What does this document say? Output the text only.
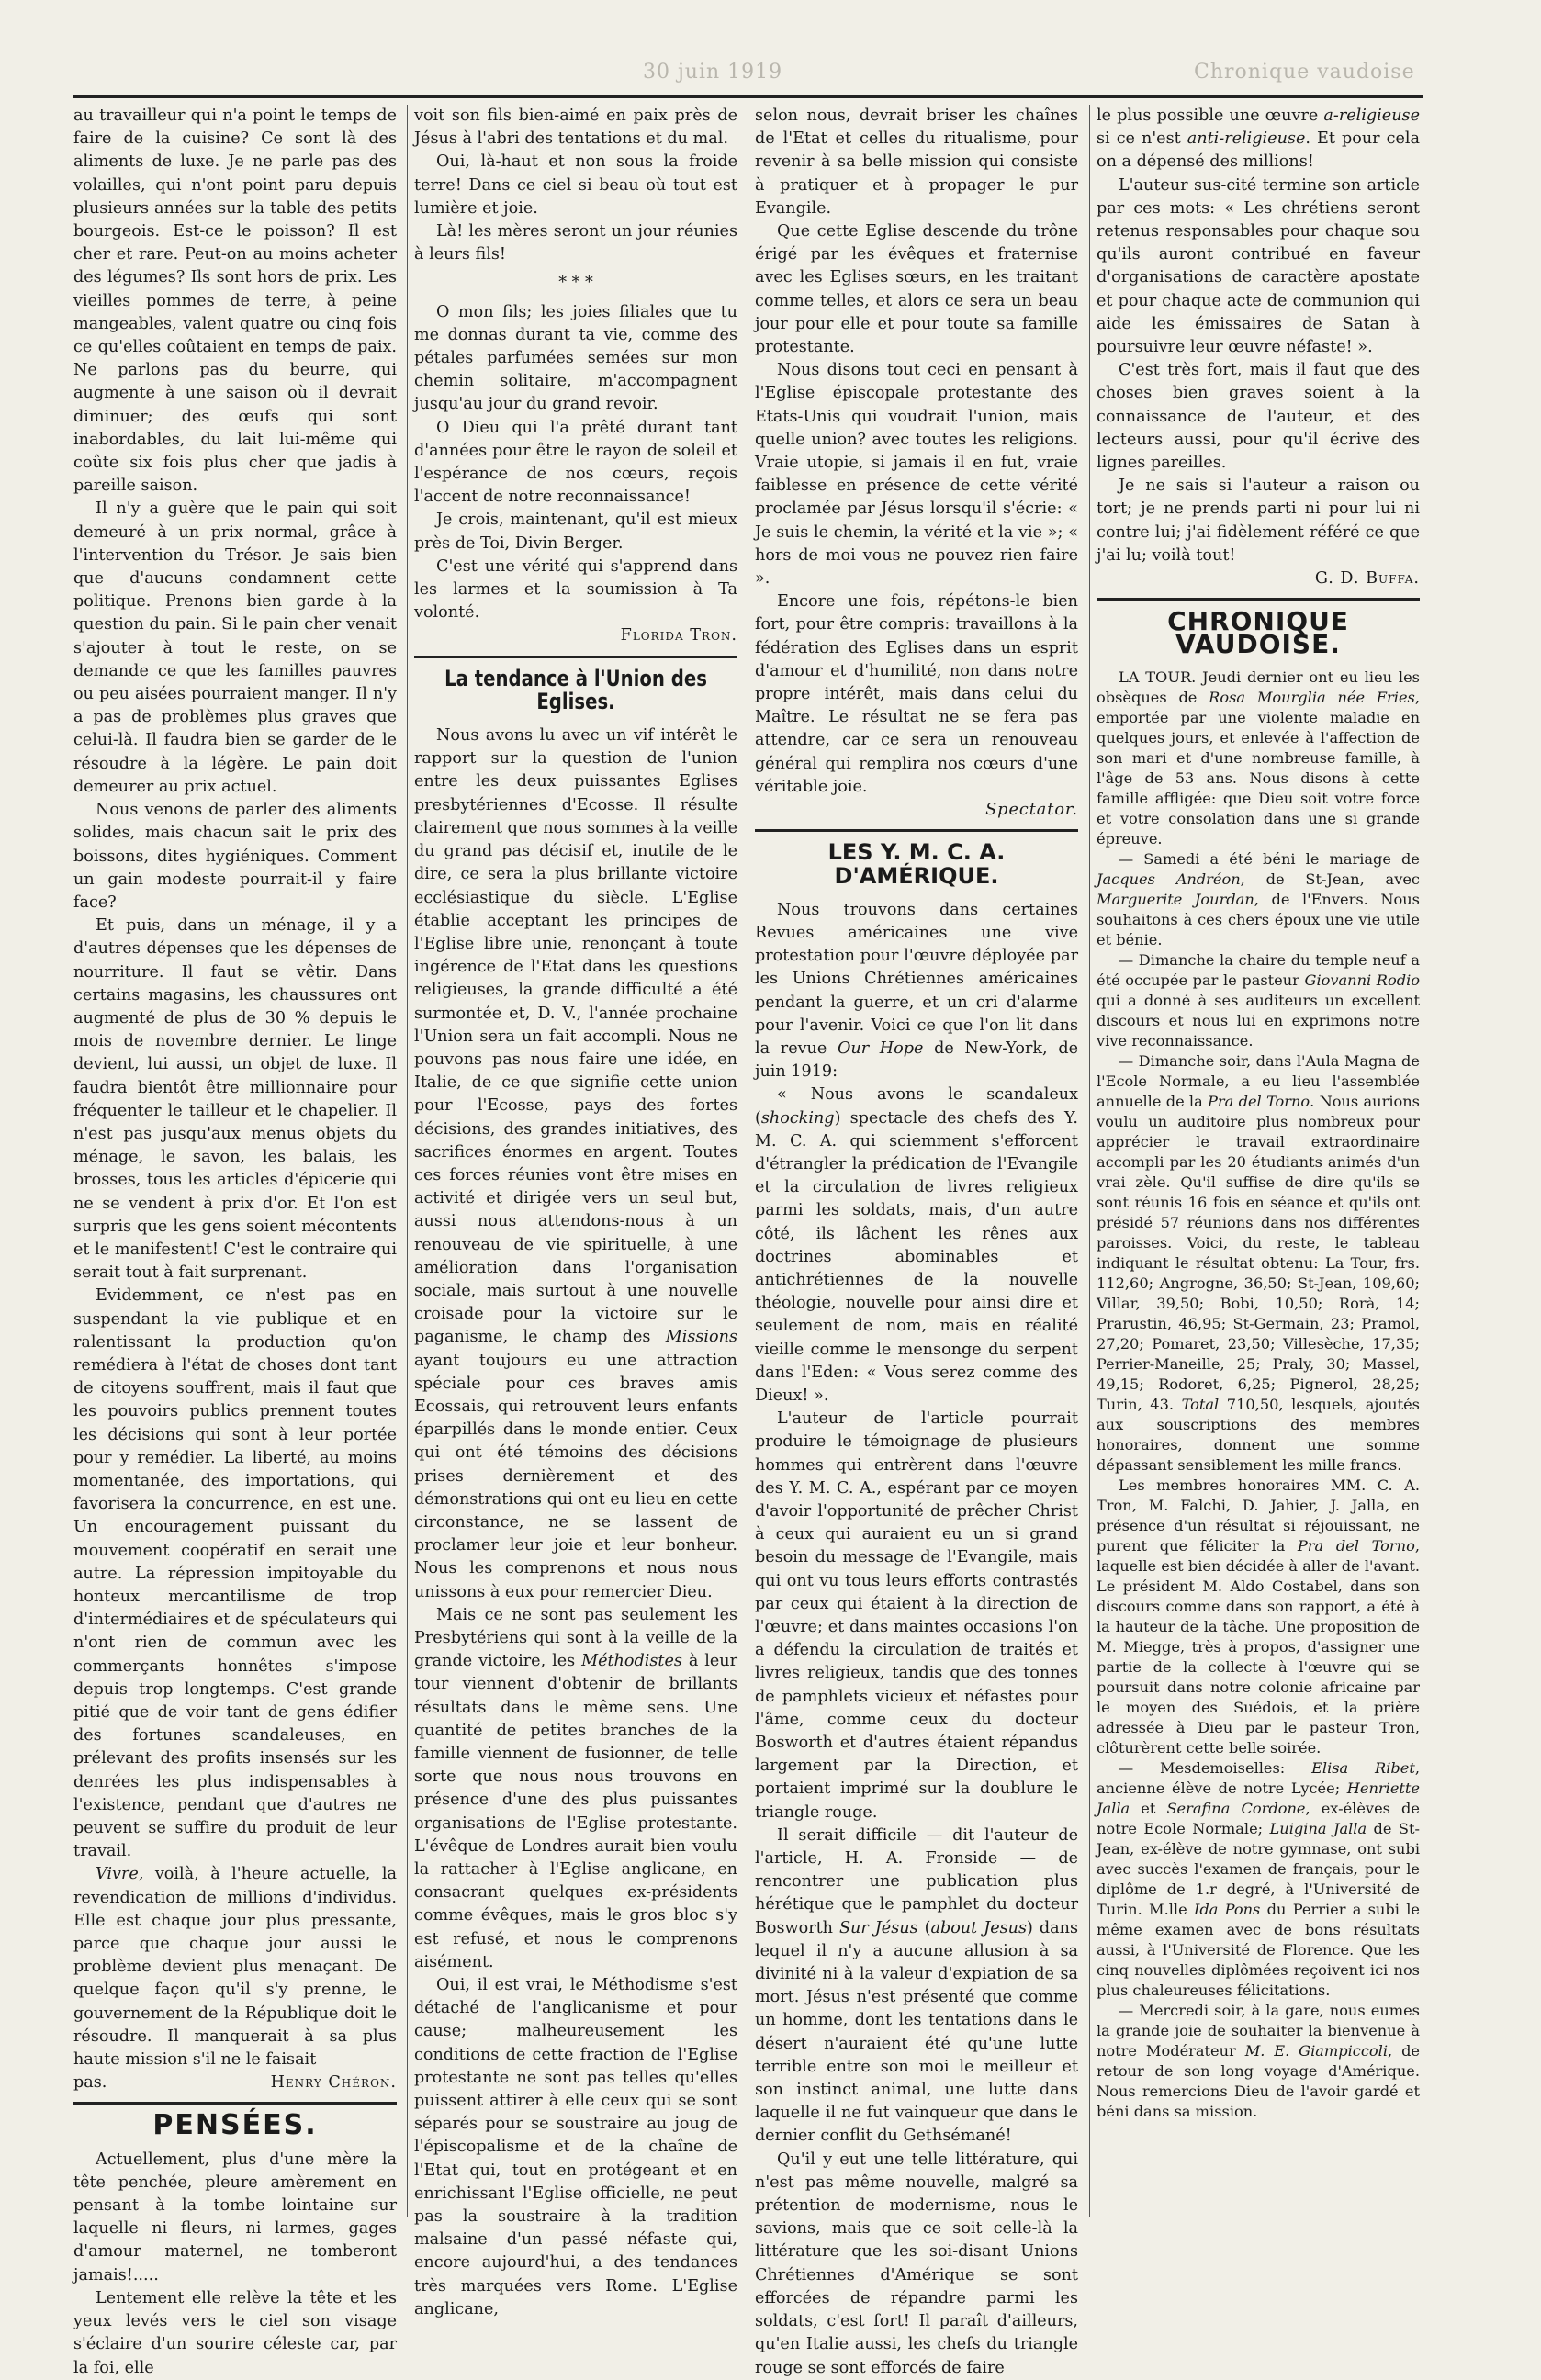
30 juin 1919	Chronique vaudoise

au travailleur qui n'a point le temps de faire de la cuisine? Ce sont là des aliments de luxe. Je ne parle pas des volailles, qui n'ont point paru depuis plusieurs années sur la table des petits bourgeois. Est-ce le poisson? Il est cher et rare. Peut-on au moins acheter des légumes? Ils sont hors de prix. Les vieilles pommes de terre, à peine mangeables, valent quatre ou cinq fois ce qu'elles coûtaient en temps de paix. Ne parlons pas du beurre, qui augmente à une saison où il devrait diminuer; des œufs qui sont inabordables, du lait lui-même qui coûte six fois plus cher que jadis à pareille saison.

Il n'y a guère que le pain qui soit demeuré à un prix normal, grâce à l'intervention du Trésor. Je sais bien que d'aucuns condamnent cette politique. Prenons bien garde à la question du pain. Si le pain cher venait s'ajouter à tout le reste, on se demande ce que les familles pauvres ou peu aisées pourraient manger. Il n'y a pas de problèmes plus graves que celui-là. Il faudra bien se garder de le résoudre à la légère. Le pain doit demeurer au prix actuel.

Nous venons de parler des aliments solides, mais chacun sait le prix des boissons, dites hygiéniques. Comment un gain modeste pourrait-il y faire face?

Et puis, dans un ménage, il y a d'autres dépenses que les dépenses de nourriture. Il faut se vêtir. Dans certains magasins, les chaussures ont augmenté de plus de 30 % depuis le mois de novembre dernier. Le linge devient, lui aussi, un objet de luxe. Il faudra bientôt être millionnaire pour fréquenter le tailleur et le chapelier. Il n'est pas jusqu'aux menus objets du ménage, le savon, les balais, les brosses, tous les articles d'épicerie qui ne se vendent à prix d'or. Et l'on est surpris que les gens soient mécontents et le manifestent! C'est le contraire qui serait tout à fait surprenant.

Evidemment, ce n'est pas en suspendant la vie publique et en ralentissant la production qu'on remédiera à l'état de choses dont tant de citoyens souffrent, mais il faut que les pouvoirs publics prennent toutes les décisions qui sont à leur portée pour y remédier. La liberté, au moins momentanée, des importations, qui favorisera la concurrence, en est une. Un encouragement puissant du mouvement coopératif en serait une autre. La répression impitoyable du honteux mercantilisme de trop d'intermédiaires et de spéculateurs qui n'ont rien de commun avec les commerçants honnêtes s'impose depuis trop longtemps. C'est grande pitié que de voir tant de gens édifier des fortunes scandaleuses, en prélevant des profits insensés sur les denrées les plus indispensables à l'existence, pendant que d'autres ne peuvent se suffire du produit de leur travail.

Vivre, voilà, à l'heure actuelle, la revendication de millions d'individus. Elle est chaque jour plus pressante, parce que chaque jour aussi le problème devient plus menaçant. De quelque façon qu'il s'y prenne, le gouvernement de la République doit le résoudre. Il manquerait à sa plus haute mission s'il ne le faisait

pas.	Henry Chéron.
PENSÉES.

Actuellement, plus d'une mère la tête penchée, pleure amèrement en pensant à la tombe lointaine sur laquelle ni fleurs, ni larmes, gages d'amour maternel, ne tomberont jamais!.....

Lentement elle relève la tête et les yeux levés vers le ciel son visage s'éclaire d'un sourire céleste car, par la foi, elle

voit son fils bien-aimé en paix près de Jésus à l'abri des tentations et du mal.

Oui, là-haut et non sous la froide terre! Dans ce ciel si beau où tout est lumière et joie.

Là! les mères seront un jour réunies à leurs fils!

* * *

O mon fils; les joies filiales que tu me donnas durant ta vie, comme des pétales parfumées semées sur mon chemin solitaire, m'accompagnent jusqu'au jour du grand revoir.

O Dieu qui l'a prêté durant tant d'années pour être le rayon de soleil et l'espérance de nos cœurs, reçois l'accent de notre reconnaissance!

Je crois, maintenant, qu'il est mieux près de Toi, Divin Berger.

C'est une vérité qui s'apprend dans les larmes et la soumission à Ta volonté.

Florida Tron.

La tendance à l'Union des Eglises.

Nous avons lu avec un vif intérêt le rapport sur la question de l'union entre les deux puissantes Eglises presbytériennes d'Ecosse. Il résulte clairement que nous sommes à la veille du grand pas décisif et, inutile de le dire, ce sera la plus brillante victoire ecclésiastique du siècle. L'Eglise établie acceptant les principes de l'Eglise libre unie, renonçant à toute ingérence de l'Etat dans les questions religieuses, la grande difficulté a été surmontée et, D. V., l'année prochaine l'Union sera un fait accompli. Nous ne pouvons pas nous faire une idée, en Italie, de ce que signifie cette union pour l'Ecosse, pays des fortes décisions, des grandes initiatives, des sacrifices énormes en argent. Toutes ces forces réunies vont être mises en activité et dirigée vers un seul but, aussi nous attendons-nous à un renouveau de vie spirituelle, à une amélioration dans l'organisation sociale, mais surtout à une nouvelle croisade pour la victoire sur le paganisme, le champ des Missions ayant toujours eu une attraction spéciale pour ces braves amis Ecossais, qui retrouvent leurs enfants éparpillés dans le monde entier. Ceux qui ont été témoins des décisions prises dernièrement et des démonstrations qui ont eu lieu en cette circonstance, ne se lassent de proclamer leur joie et leur bonheur. Nous les comprenons et nous nous unissons à eux pour remercier Dieu.

Mais ce ne sont pas seulement les Presbytériens qui sont à la veille de la grande victoire, les Méthodistes à leur tour viennent d'obtenir de brillants résultats dans le même sens. Une quantité de petites branches de la famille viennent de fusionner, de telle sorte que nous nous trouvons en présence d'une des plus puissantes organisations de l'Eglise protestante. L'évêque de Londres aurait bien voulu la rattacher à l'Eglise anglicane, en consacrant quelques ex-présidents comme évêques, mais le gros bloc s'y est refusé, et nous le comprenons aisément.

Oui, il est vrai, le Méthodisme s'est détaché de l'anglicanisme et pour cause; malheureusement les conditions de cette fraction de l'Eglise protestante ne sont pas telles qu'elles puissent attirer à elle ceux qui se sont séparés pour se soustraire au joug de l'épiscopalisme et de la chaîne de l'Etat qui, tout en protégeant et en enrichissant l'Eglise officielle, ne peut pas la soustraire à la tradition malsaine d'un passé néfaste qui, encore aujourd'hui, a des tendances très marquées vers Rome. L'Eglise anglicane,

selon nous, devrait briser les chaînes de l'Etat et celles du ritualisme, pour revenir à sa belle mission qui consiste à pratiquer et à propager le pur Evangile.

Que cette Eglise descende du trône érigé par les évêques et fraternise avec les Eglises sœurs, en les traitant comme telles, et alors ce sera un beau jour pour elle et pour toute sa famille protestante.

Nous disons tout ceci en pensant à l'Eglise épiscopale protestante des Etats-Unis qui voudrait l'union, mais quelle union? avec toutes les religions. Vraie utopie, si jamais il en fut, vraie faiblesse en présence de cette vérité proclamée par Jésus lorsqu'il s'écrie: « Je suis le chemin, la vérité et la vie »; « hors de moi vous ne pouvez rien faire ».

Encore une fois, répétons-le bien fort, pour être compris: travaillons à la fédération des Eglises dans un esprit d'amour et d'humilité, non dans notre propre intérêt, mais dans celui du Maître. Le résultat ne se fera pas attendre, car ce sera un renouveau général qui remplira nos cœurs d'une véritable joie.

Spectator.

LES Y. M. C. A. D'AMÉRIQUE.

Nous trouvons dans certaines Revues américaines une vive protestation pour l'œuvre déployée par les Unions Chrétiennes américaines pendant la guerre, et un cri d'alarme pour l'avenir. Voici ce que l'on lit dans la revue Our Hope de New-York, de juin 1919:

« Nous avons le scandaleux (shocking) spectacle des chefs des Y. M. C. A. qui sciemment s'efforcent d'étrangler la prédication de l'Evangile et la circulation de livres religieux parmi les soldats, mais, d'un autre côté, ils lâchent les rênes aux doctrines abominables et antichrétiennes de la nouvelle théologie, nouvelle pour ainsi dire et seulement de nom, mais en réalité vieille comme le mensonge du serpent dans l'Eden: « Vous serez comme des Dieux! ».

L'auteur de l'article pourrait produire le témoignage de plusieurs hommes qui entrèrent dans l'œuvre des Y. M. C. A., espérant par ce moyen d'avoir l'opportunité de prêcher Christ à ceux qui auraient eu un si grand besoin du message de l'Evangile, mais qui ont vu tous leurs efforts contrastés par ceux qui étaient à la direction de l'œuvre; et dans maintes occasions l'on a défendu la circulation de traités et livres religieux, tandis que des tonnes de pamphlets vicieux et néfastes pour l'âme, comme ceux du docteur Bosworth et d'autres étaient répandus largement par la Direction, et portaient imprimé sur la doublure le triangle rouge.

Il serait difficile — dit l'auteur de l'article, H. A. Fronside — de rencontrer une publication plus hérétique que le pamphlet du docteur Bosworth Sur Jésus (about Jesus) dans lequel il n'y a aucune allusion à sa divinité ni à la valeur d'expiation de sa mort. Jésus n'est présenté que comme un homme, dont les tentations dans le désert n'auraient été qu'une lutte terrible entre son moi le meilleur et son instinct animal, une lutte dans laquelle il ne fut vainqueur que dans le dernier conflit du Gethsémané!

Qu'il y eut une telle littérature, qui n'est pas même nouvelle, malgré sa prétention de modernisme, nous le savions, mais que ce soit celle-là la littérature que les soi-disant Unions Chrétiennes d'Amérique se sont efforcées de répandre parmi les soldats, c'est fort! Il paraît d'ailleurs, qu'en Italie aussi, les chefs du triangle rouge se sont efforcés de faire

le plus possible une œuvre a-religieuse si ce n'est anti-religieuse. Et pour cela on a dépensé des millions!

L'auteur sus-cité termine son article par ces mots: « Les chrétiens seront retenus responsables pour chaque sou qu'ils auront contribué en faveur d'organisations de caractère apostate et pour chaque acte de communion qui aide les émissaires de Satan à poursuivre leur œuvre néfaste! ».

C'est très fort, mais il faut que des choses bien graves soient à la connaissance de l'auteur, et des lecteurs aussi, pour qu'il écrive des lignes pareilles.

Je ne sais si l'auteur a raison ou tort; je ne prends parti ni pour lui ni contre lui; j'ai fidèlement référé ce que j'ai lu; voilà tout!

G. D. Buffa.

CHRONIQUE VAUDOISE.

LA TOUR. Jeudi dernier ont eu lieu les obsèques de Rosa Mourglia née Fries, emportée par une violente maladie en quelques jours, et enlevée à l'affection de son mari et d'une nombreuse famille, à l'âge de 53 ans. Nous disons à cette famille affligée: que Dieu soit votre force et votre consolation dans une si grande épreuve.

— Samedi a été béni le mariage de Jacques Andréon, de St-Jean, avec Marguerite Jourdan, de l'Envers. Nous souhaitons à ces chers époux une vie utile et bénie.

— Dimanche la chaire du temple neuf a été occupée par le pasteur Giovanni Rodio qui a donné à ses auditeurs un excellent discours et nous lui en exprimons notre vive reconnaissance.

— Dimanche soir, dans l'Aula Magna de l'Ecole Normale, a eu lieu l'assemblée annuelle de la Pra del Torno. Nous aurions voulu un auditoire plus nombreux pour apprécier le travail extraordinaire accompli par les 20 étudiants animés d'un vrai zèle. Qu'il suffise de dire qu'ils se sont réunis 16 fois en séance et qu'ils ont présidé 57 réunions dans nos différentes paroisses. Voici, du reste, le tableau indiquant le résultat obtenu: La Tour, frs. 112,60; Angrogne, 36,50; St-Jean, 109,60; Villar, 39,50; Bobi, 10,50; Rorà, 14; Prarustin, 46,95; St-Germain, 23; Pramol, 27,20; Pomaret, 23,50; Villesèche, 17,35; Perrier-Maneille, 25; Praly, 30; Massel, 49,15; Rodoret, 6,25; Pignerol, 28,25; Turin, 43. Total 710,50, lesquels, ajoutés aux souscriptions des membres honoraires, donnent une somme dépassant sensiblement les mille francs.

Les membres honoraires MM. C. A. Tron, M. Falchi, D. Jahier, J. Jalla, en présence d'un résultat si réjouissant, ne purent que féliciter la Pra del Torno, laquelle est bien décidée à aller de l'avant. Le président M. Aldo Costabel, dans son discours comme dans son rapport, a été à la hauteur de la tâche. Une proposition de M. Miegge, très à propos, d'assigner une partie de la collecte à l'œuvre qui se poursuit dans notre colonie africaine par le moyen des Suédois, et la prière adressée à Dieu par le pasteur Tron, clôturèrent cette belle soirée.

— Mesdemoiselles: Elisa Ribet, ancienne élève de notre Lycée; Henriette Jalla et Serafina Cordone, ex-élèves de notre Ecole Normale; Luigina Jalla de St-Jean, ex-élève de notre gymnase, ont subi avec succès l'examen de français, pour le diplôme de 1.r degré, à l'Université de Turin. M.lle Ida Pons du Perrier a subi le même examen avec de bons résultats aussi, à l'Université de Florence. Que les cinq nouvelles diplômées reçoivent ici nos plus chaleureuses félicitations.

— Mercredi soir, à la gare, nous eumes la grande joie de souhaiter la bienvenue à notre Modérateur M. E. Giampiccoli, de retour de son long voyage d'Amérique. Nous remercions Dieu de l'avoir gardé et béni dans sa mission.
